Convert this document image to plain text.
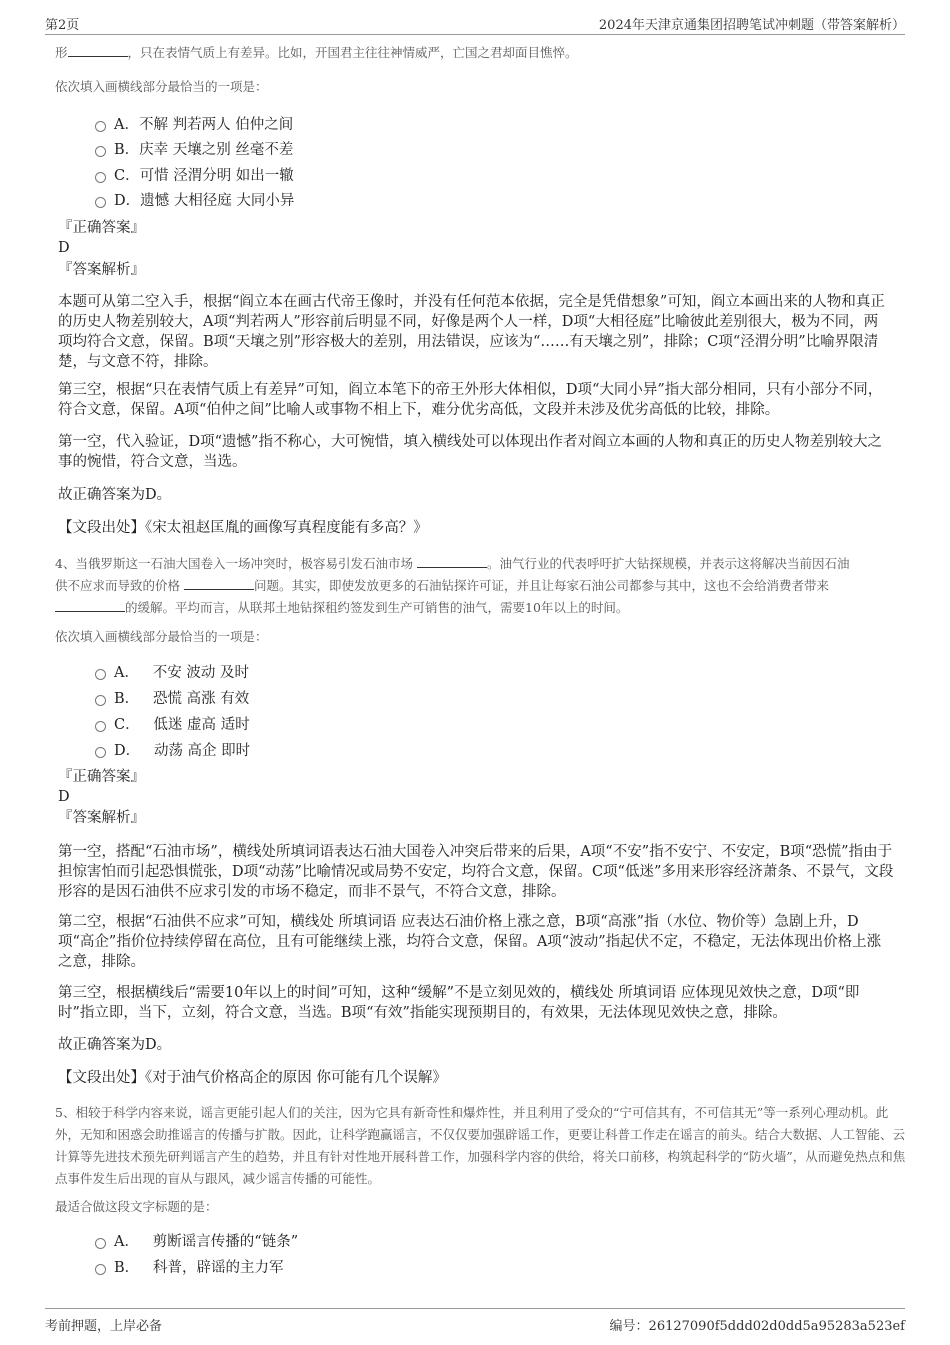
第2页	2024年天津京通集团招聘笔试冲刺题（带答案解析）
形	，只在表情气质上有差异。比如，开国君主往往神情威严，亡国之君却面目憔悴。
依次填入画横线部分最恰当的一项是：
A．不解 判若两人 伯仲之间
B．庆幸 天壤之别 丝毫不差
C．可惜 泾渭分明 如出一辙
D．遗憾 大相径庭 大同小异
『正确答案』
D
『答案解析』
本题可从第二空入手，根据“阎立本在画古代帝王像时，并没有任何范本依据，完全是凭借想象”可知，阎立本画出来的人物和真正的历史人物差别较大，A项“判若两人”形容前后明显不同，好像是两个人一样，D项“大相径庭”比喻彼此差别很大，极为不同，两项均符合文意，保留。B项“天壤之别”形容极大的差别，用法错误，应该为“……有天壤之别”，排除；C项“泾渭分明”比喻界限清楚，与文意不符，排除。
第三空，根据“只在表情气质上有差异”可知，阎立本笔下的帝王外形大体相似，D项“大同小异”指大部分相同，只有小部分不同，符合文意，保留。A项“伯仲之间”比喻人或事物不相上下，难分优劣高低，文段并未涉及优劣高低的比较，排除。
第一空，代入验证，D项“遗憾”指不称心，大可惋惜，填入横线处可以体现出作者对阎立本画的人物和真正的历史人物差别较大之事的惋惜，符合文意，当选。
故正确答案为D。
【文段出处】《宋太祖赵匡胤的画像写真程度能有多高？》
4、当俄罗斯这一石油大国卷入一场冲突时，极容易引发石油市场	。油气行业的代表呼吁扩大钻探规模，并表示这将解决当前因石油
供不应求而导致的价格	问题。其实，即使发放更多的石油钻探许可证，并且让每家石油公司都参与其中，这也不会给消费者带来
的缓解。平均而言，从联邦土地钻探租约签发到生产可销售的油气，需要10年以上的时间。
依次填入画横线部分最恰当的一项是：
A．   不安 波动 及时
B．   恐慌 高涨 有效
C．   低迷 虚高 适时
D．   动荡 高企 即时
『正确答案』
D
『答案解析』
第一空，搭配“石油市场”，横线处所填词语表达石油大国卷入冲突后带来的后果，A项“不安”指不安宁、不安定，B项“恐慌”指由于担惊害怕而引起恐惧慌张，D项“动荡”比喻情况或局势不安定，均符合文意，保留。C项“低迷”多用来形容经济萧条、不景气，文段形容的是因石油供不应求引发的市场不稳定，而非不景气，不符合文意，排除。
第二空，根据“石油供不应求”可知，横线处 所填词语 应表达石油价格上涨之意，B项“高涨”指（水位、物价等）急剧上升，D项“高企”指价位持续停留在高位，且有可能继续上涨，均符合文意，保留。A项“波动”指起伏不定，不稳定，无法体现出价格上涨之意，排除。
第三空，根据横线后“需要10年以上的时间”可知，这种“缓解”不是立刻见效的，横线处 所填词语 应体现见效快之意，D项“即时”指立即，当下，立刻，符合文意，当选。B项“有效”指能实现预期目的，有效果，无法体现见效快之意，排除。
故正确答案为D。
【文段出处】《对于油气价格高企的原因 你可能有几个误解》
5、相较于科学内容来说，谣言更能引起人们的关注，因为它具有新奇性和爆炸性，并且利用了受众的“宁可信其有，不可信其无”等一系列心理动机。此外，无知和困惑会助推谣言的传播与扩散。因此，让科学跑赢谣言，不仅仅要加强辟谣工作，更要让科普工作走在谣言的前头。结合大数据、人工智能、云计算等先进技术预先研判谣言产生的趋势，并且有针对性地开展科普工作，加强科学内容的供给，将关口前移，构筑起科学的“防火墙”，从而避免热点和焦点事件发生后出现的盲从与跟风，减少谣言传播的可能性。
最适合做这段文字标题的是：
A．   剪断谣言传播的“链条”
B．   科普，辟谣的主力军
考前押题，上岸必备	编号：26127090f5ddd02d0dd5a95283a523ef
